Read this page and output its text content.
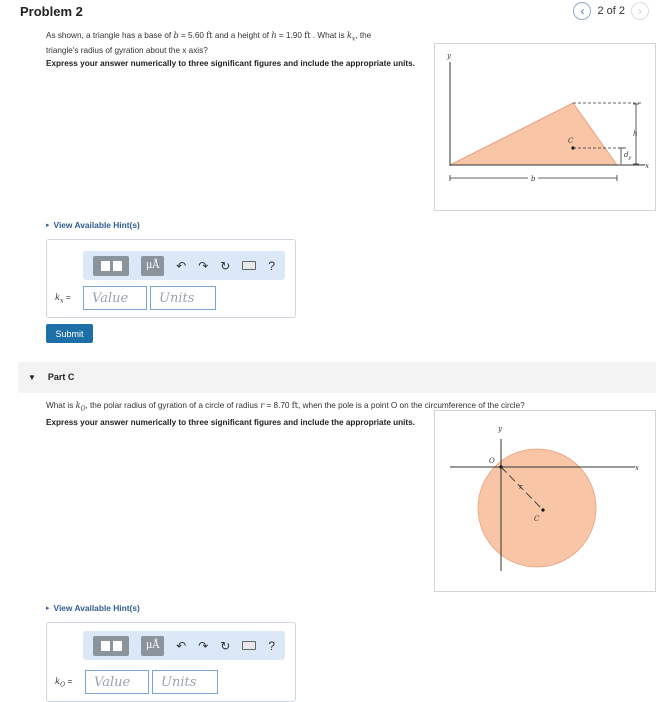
Problem 2	‹ 2 of 2 ›
As shown, a triangle has a base of b = 5.60 ft and a height of h = 1.90 ft . What is $k_x$, the
triangle's radius of gyration about the x axis?
Express your answer numerically to three significant figures and include the appropriate units.
y
x
C
h
$d_y$
b
▸ View Available Hint(s)
μÅ	↶ ↷ ↻	?
$k_x$ =	Value	Units
Submit
▼ Part C
What is $k_O$, the polar radius of gyration of a circle of radius r = 8.70 ft, when the pole is a point O on the circumference of the circle?
Express your answer numerically to three significant figures and include the appropriate units.
x
y
O
r
C
▸ View Available Hint(s)
μÅ	↶ ↷ ↻	?
$k_O$ =	Value	Units
